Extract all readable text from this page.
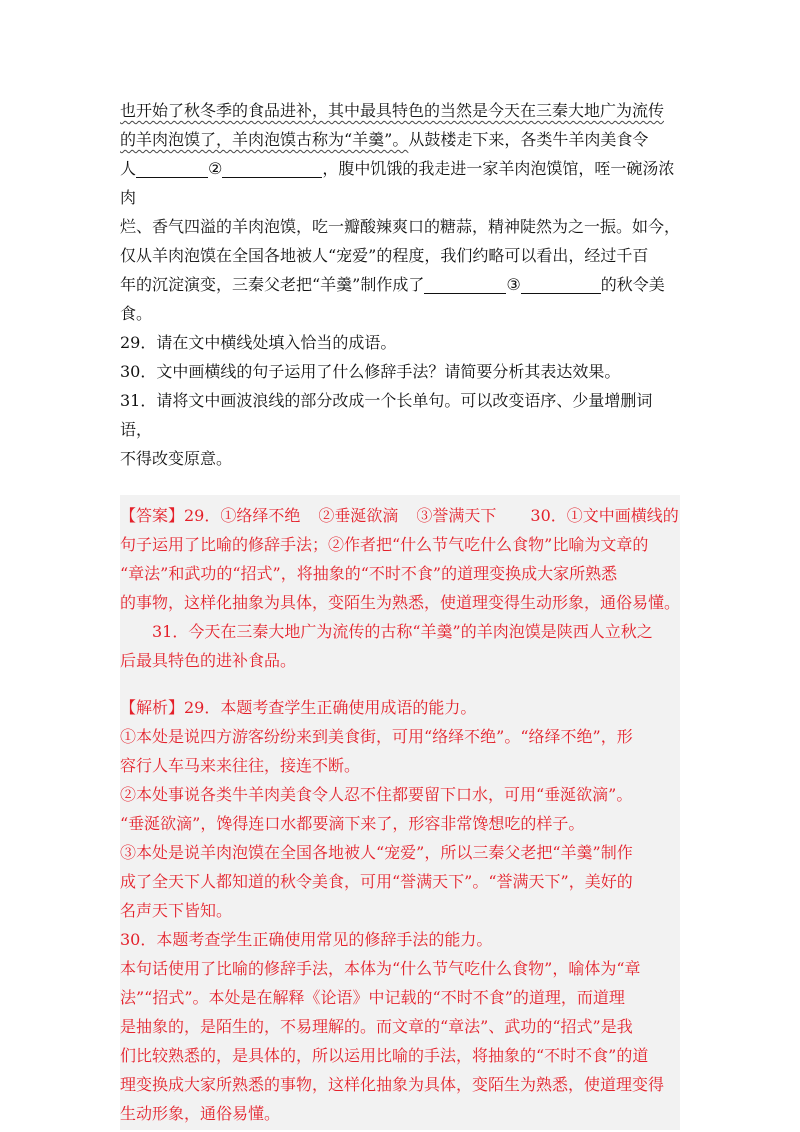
也开始了秋冬季的食品进补，其中最具特色的当然是今天在三秦大地广为流传
的羊肉泡馍了，羊肉泡馍古称为“羊羹”。从鼓楼走下来，各类牛羊肉美食令
人	②	，腹中饥饿的我走进一家羊肉泡馍馆，咥一碗汤浓肉
烂、香气四溢的羊肉泡馍，吃一瓣酸辣爽口的糖蒜，精神陡然为之一振。如今，
仅从羊肉泡馍在全国各地被人“宠爱”的程度，我们约略可以看出，经过千百
年的沉淀演变，三秦父老把“羊羹”制作成了	③	的秋令美食。
29．请在文中横线处填入恰当的成语。
30．文中画横线的句子运用了什么修辞手法？请简要分析其表达效果。
31．请将文中画波浪线的部分改成一个长单句。可以改变语序、少量增删词语，
不得改变原意。

【答案】29．①络绎不绝 ②垂涎欲滴 ③誉满天下 30．①文中画横线的

句子运用了比喻的修辞手法；②作者把“什么节气吃什么食物”比喻为文章的

“章法”和武功的“招式”，将抽象的“不时不食”的道理变换成大家所熟悉

的事物，这样化抽象为具体，变陌生为熟悉，使道理变得生动形象，通俗易懂。

31．今天在三秦大地广为流传的古称“羊羹”的羊肉泡馍是陕西人立秋之

后最具特色的进补食品。

【解析】29．本题考查学生正确使用成语的能力。

①本处是说四方游客纷纷来到美食街，可用“络绎不绝”。“络绎不绝”，形

容行人车马来来往往，接连不断。

②本处事说各类牛羊肉美食令人忍不住都要留下口水，可用“垂涎欲滴”。

“垂涎欲滴”，馋得连口水都要滴下来了，形容非常馋想吃的样子。

③本处是说羊肉泡馍在全国各地被人“宠爱”，所以三秦父老把“羊羹”制作

成了全天下人都知道的秋令美食，可用“誉满天下”。“誉满天下”，美好的

名声天下皆知。

30．本题考查学生正确使用常见的修辞手法的能力。

本句话使用了比喻的修辞手法，本体为“什么节气吃什么食物”，喻体为“章

法”“招式”。本处是在解释《论语》中记载的“不时不食”的道理，而道理

是抽象的，是陌生的，不易理解的。而文章的“章法”、武功的“招式”是我

们比较熟悉的，是具体的，所以运用比喻的手法，将抽象的“不时不食”的道

理变换成大家所熟悉的事物，这样化抽象为具体，变陌生为熟悉，使道理变得

生动形象，通俗易懂。
